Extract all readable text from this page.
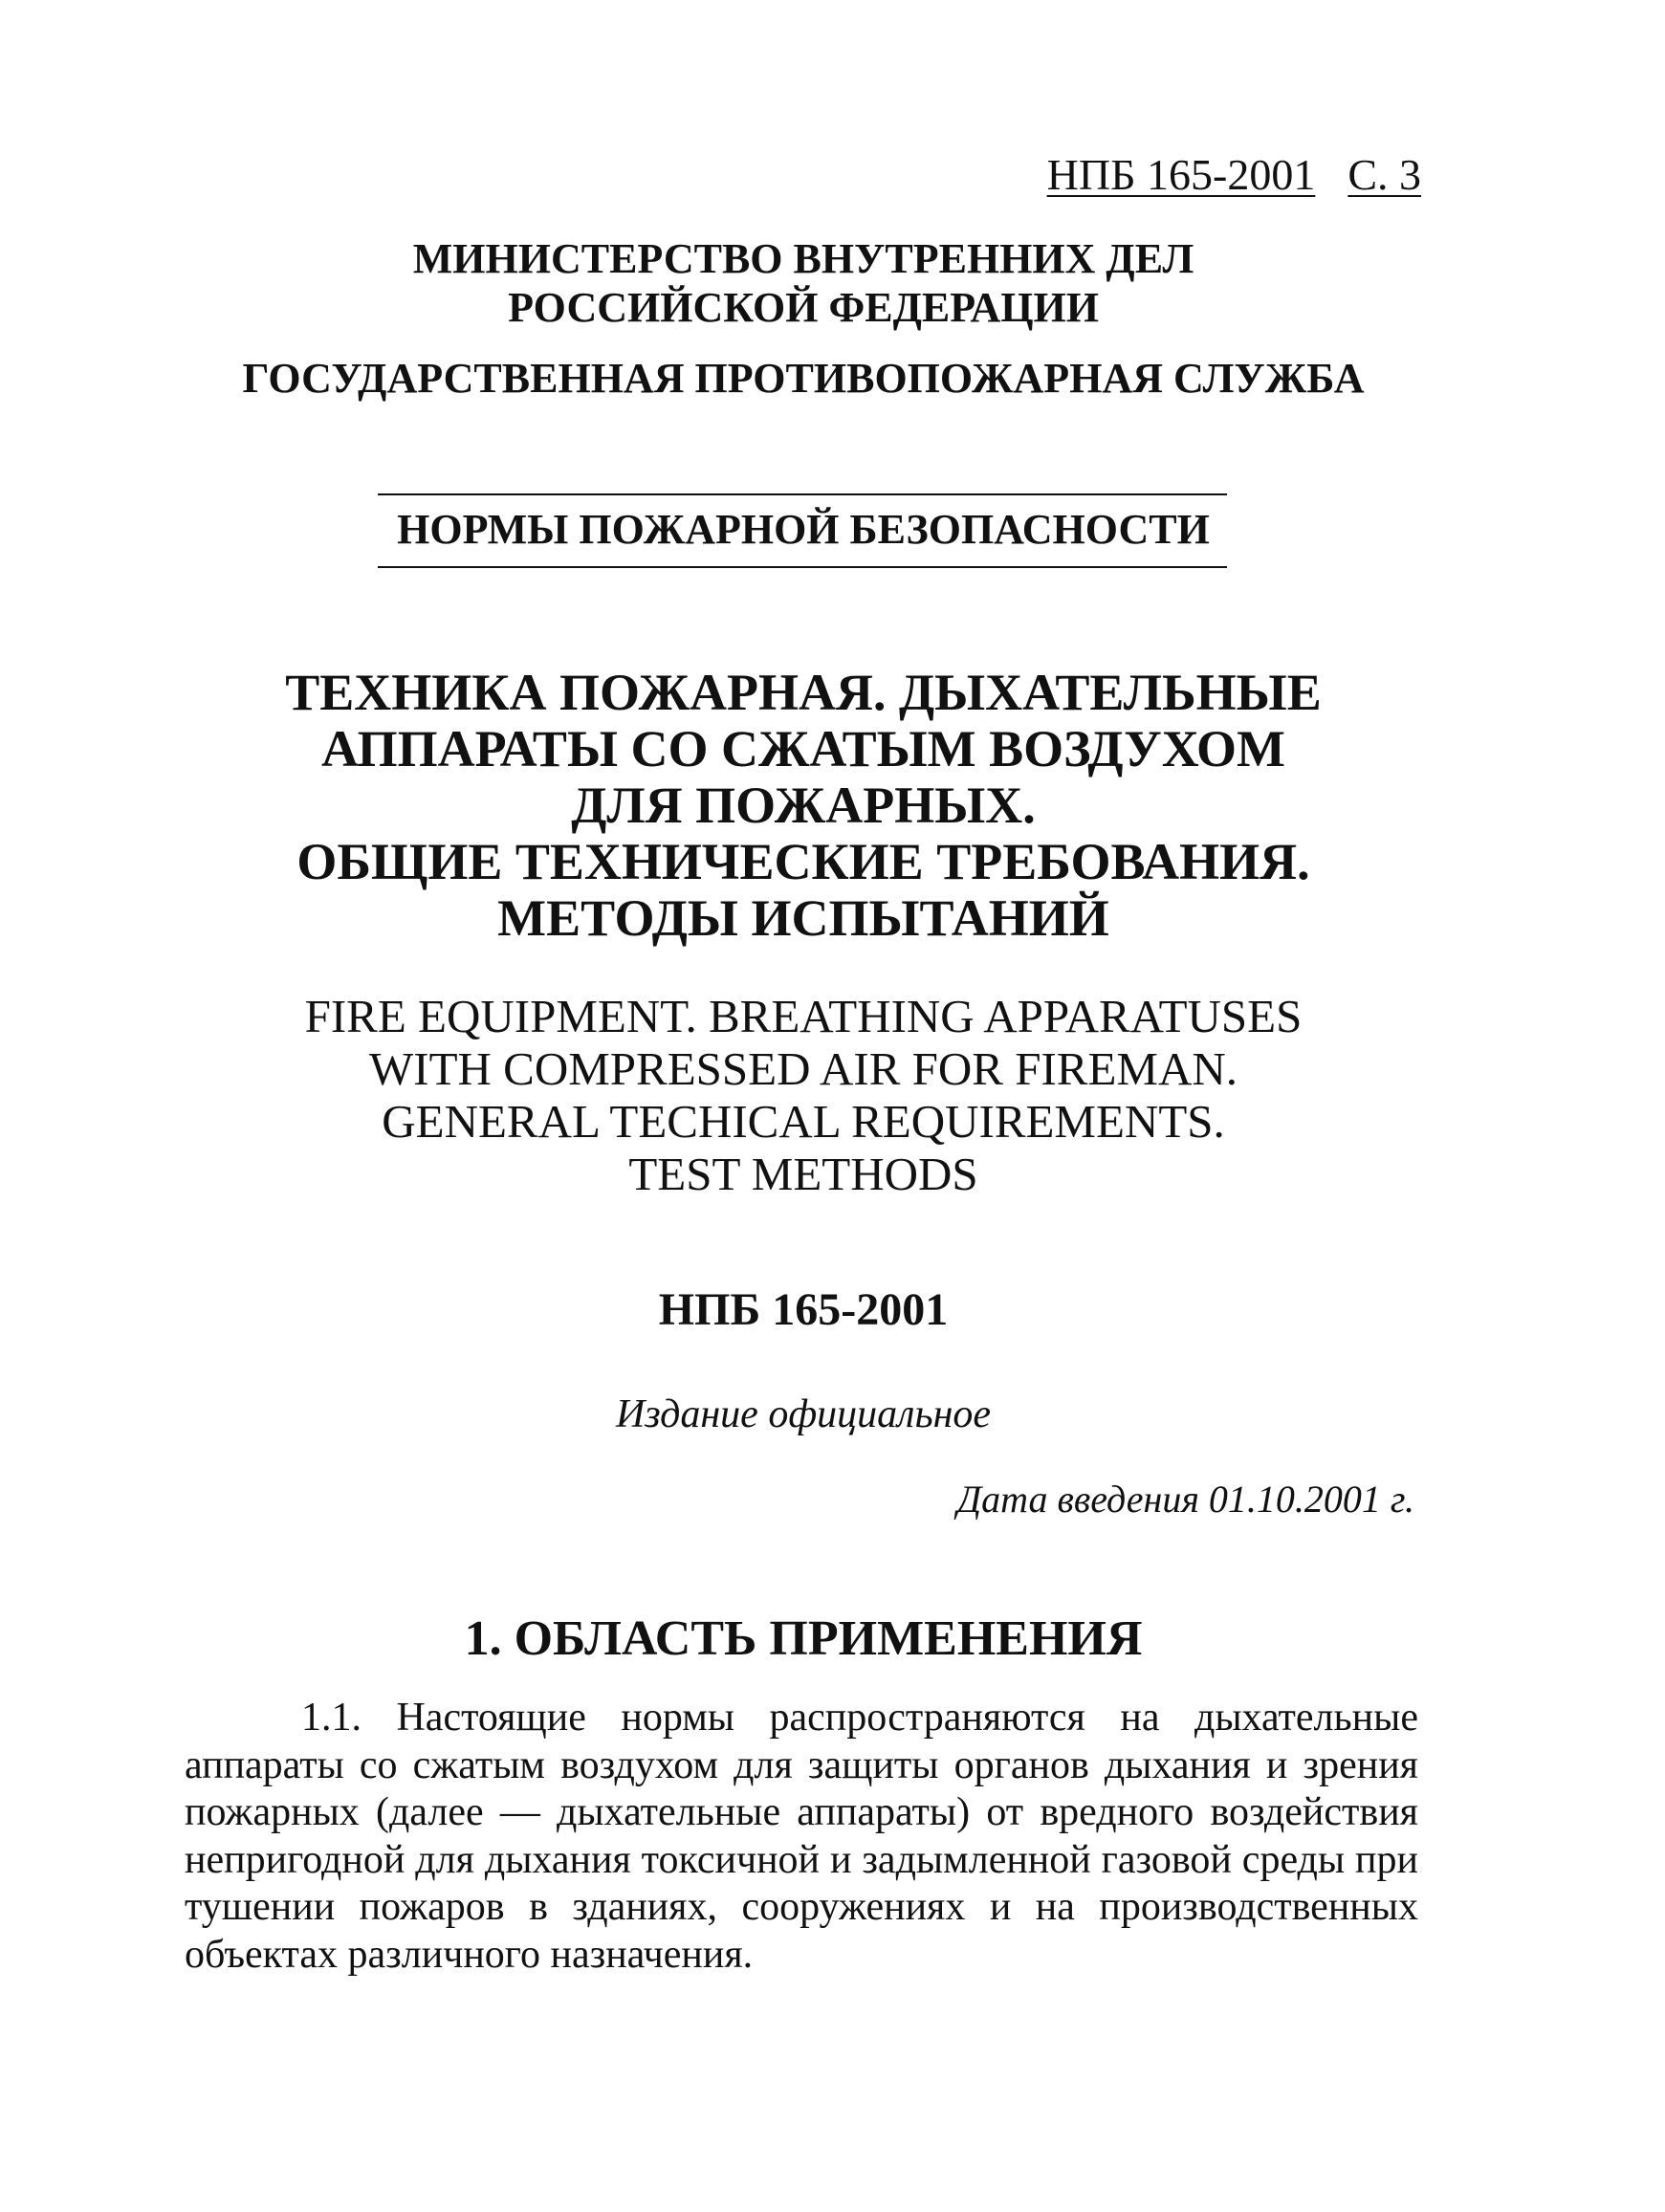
НПБ 165-2001 С. 3
МИНИСТЕРСТВО ВНУТРЕННИХ ДЕЛ
РОССИЙСКОЙ ФЕДЕРАЦИИ
ГОСУДАРСТВЕННАЯ ПРОТИВОПОЖАРНАЯ СЛУЖБА
НОРМЫ ПОЖАРНОЙ БЕЗОПАСНОСТИ
ТЕХНИКА ПОЖАРНАЯ. ДЫХАТЕЛЬНЫЕ
АППАРАТЫ СО СЖАТЫМ ВОЗДУХОМ
ДЛЯ ПОЖАРНЫХ.
ОБЩИЕ ТЕХНИЧЕСКИЕ ТРЕБОВАНИЯ.
МЕТОДЫ ИСПЫТАНИЙ
FIRE EQUIPMENT. BREATHING APPARATUSES
WITH COMPRESSED AIR FOR FIREMAN.
GENERAL TECHICAL REQUIREMENTS.
TEST METHODS
НПБ 165-2001
Издание официальное
Дата введения 01.10.2001 г.
1. ОБЛАСТЬ ПРИМЕНЕНИЯ
1.1. Настоящие нормы распространяются на дыхательные аппараты со сжатым воздухом для защиты органов дыхания и зрения пожарных (далее — дыхательные аппараты) от вредного воздействия непригодной для дыхания токсичной и задымленной газовой среды при тушении пожаров в зданиях, сооружениях и на производственных объектах различного назначения.
